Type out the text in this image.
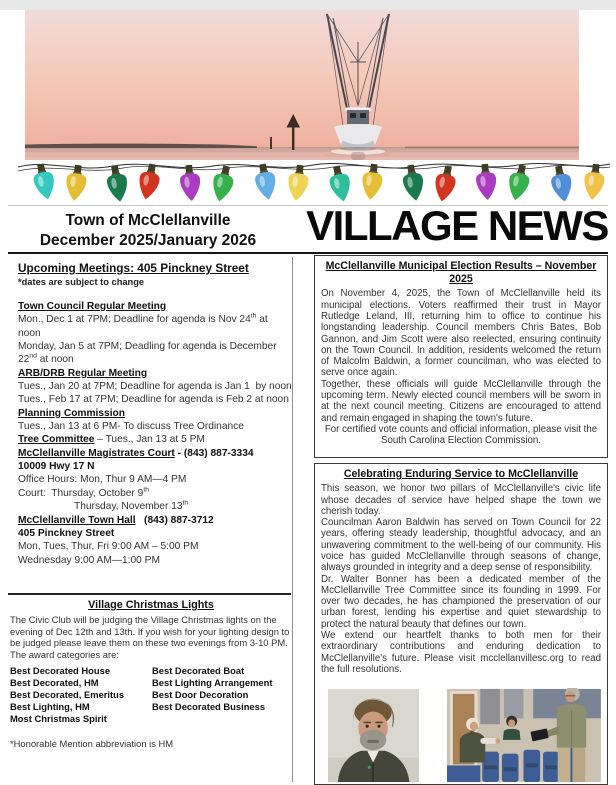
Town of McClellanville
December 2025/January 2026	VILLAGE NEWS
Upcoming Meetings: 405 Pinckney Street
*dates are subject to change
Town Council Regular Meeting
Mon., Dec 1 at 7PM; Deadline for agenda is Nov 24th at
noon
Monday, Jan 5 at 7PM; Deadling for agenda is December
22nd at noon
ARB/DRB Regular Meeting
Tues., Jan 20 at 7PM; Deadline for agenda is Jan 1  by noon
Tues., Feb 17 at 7PM; Deadline for agenda is Feb 2 at noon
Planning Commission
Tues., Jan 13 at 6 PM- To discuss Tree Ordinance
Tree Committee – Tues., Jan 13 at 5 PM
McClellanville Magistrates Court - (843) 887-3334
10009 Hwy 17 N
Office Hours: Mon, Thur 9 AM—4 PM
Court:  Thursday, October 9th
Thursday, November 13th
McClellanville Town Hall   (843) 887-3712
405 Pinckney Street
Mon, Tues, Thur, Fri 9:00 AM – 5:00 PM
Wednesday 9:00 AM—1:00 PM
Village Christmas Lights
The Civic Club will be judging the Village Christmas lights on the evening of Dec 12th and 13th. If you wish for your lighting design to be judged please leave them on these two evenings from 3-10 PM. The award categories are:
Best Decorated House	Best Decorated Boat
Best Decorated, HM	Best Lighting Arrangement
Best Decorated, Emeritus	Best Door Decoration
Best Lighting, HM	Best Decorated Business
Most Christmas Spirit
*Honorable Mention abbreviation is HM
McClellanville Municipal Election Results – November 2025

On November 4, 2025, the Town of McClellanville held its municipal elections. Voters reaffirmed their trust in Mayor Rutledge Leland, III, returning him to office to continue his longstanding leadership. Council members Chris Bates, Bob Gannon, and Jim Scott were also reelected, ensuring continuity on the Town Council. In addition, residents welcomed the return of Malcolm Baldwin, a former councilman, who was elected to serve once again.

Together, these officials will guide McClellanville through the upcoming term. Newly elected council members will be sworn in at the next council meeting. Citizens are encouraged to attend and remain engaged in shaping the town's future.

For certified vote counts and official information, please visit the South Carolina Election Commission.

Celebrating Enduring Service to McClellanville

This season, we honor two pillars of McClellanville's civic life whose decades of service have helped shape the town we cherish today.

Councilman Aaron Baldwin has served on Town Council for 22 years, offering steady leadership, thoughtful advocacy, and an unwavering commitment to the well-being of our community. His voice has guided McClellanville through seasons of change, always grounded in integrity and a deep sense of responsibility.

Dr. Walter Bonner has been a dedicated member of the McClellanville Tree Committee since its founding in 1999. For over two decades, he has championed the preservation of our urban forest, lending his expertise and quiet stewardship to protect the natural beauty that defines our town.

We extend our heartfelt thanks to both men for their extraordinary contributions and enduring dedication to McClellanville's future. Please visit mcclellanvillesc.org to read the full resolutions.
